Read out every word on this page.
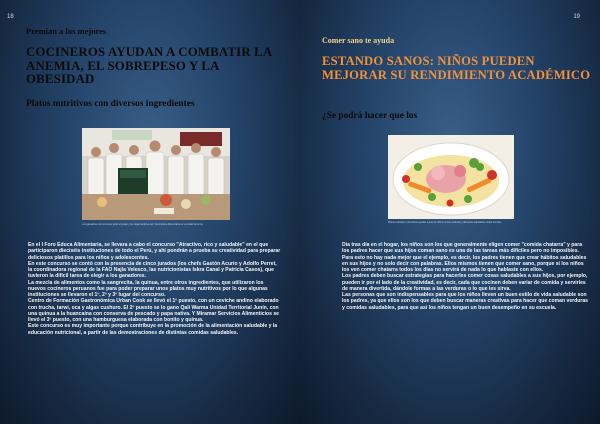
18
Premian a los mejores
COCINEROS AYUDAN A COMBATIR LA ANEMIA, EL SOBREPESO Y LA OBESIDAD
Platos nutritivos con diversos ingredientes
Los ganadores del concurso junto al jurado y los organizadores del I Foro Educa Alimentaria en la ciudad de Lima.

En el I Foro Educa Alimentaria, se llevara a cabo el concurso "Atractivo, rico y saludable" en el que participaron dieciséis instituciones de todo el Perú, y ahí pondrán a prueba su creatividad para preparar deliciosos platillos para los niños y adolescentes.

En este concurso se contó con la presencia de cinco jurados (los chefs Gastón Acurio y Adolfo Perret, la coordinadora regional de la FAO Najla Velesco, las nutricionistas Iskra Canal y Patricia Casos), que tuvieron la difícil tarea de elegir a los ganadores.

La mezcla de alimentos como la sangrecita, la quinua, entre otros ingredientes, que utilizaron los nuevos cocineros peruanos fue para poder preparar unos platos muy nutritivos por lo que algunas instituciones se llevaron el 1º, 2º y 3º lugar del concurso.

Centro de Formación Gastronómica Urban Cook se llevó el 1º puesto, con un ceviche andino elaborado con trucha, tarwi, oca y algas cushuro. El 2º puesto se lo gano Qali Warma Unidad Territorial Junín, con una quinua a la huancaína con conserva de pescado y papa nativa. Y Miramar Servicios Alimenticios se llevó el 3º puesto, con una hamburguesa elaborada con bonito y quinua.

Este concurso es muy importante porque contribuye en la promoción de la alimentación saludable y la educación nutricional, a partir de las demostraciones de distintas comidas saludables.

19
Comer sano te ayuda
ESTANDO SANOS: NIÑOS PUEDEN MEJORAR SU RENDIMIENTO ACADÉMICO
¿Se podrá hacer que los
Platos coloridos y divertidos ayudan a que los niños coman verduras y alimentos saludables todos los días.

Día tras día en el hogar, los niños son los que generalmente eligen comer "comida chatarra" y para los padres hacer que sus hijos coman sano es una de las tareas más difíciles pero no imposibles.

Para esto no hay nada mejor que el ejemplo, es decir, los padres tienen que crear hábitos saludables en sus hijos y no solo decir con palabras. Ellos mismos tienen que comer sano, porque si los niños los ven comer chatarra todos los días no servirá de nada lo que hablaste con ellos.

Los padres deben buscar estrategias para hacerles comer cosas saludables a sus hijos, por ejemplo, pueden ir por el lado de la creatividad, es decir, cada que cocinen deben variar de comida y servirles de manera divertida, dándole formas a las verduras o lo que les sirva.

Las personas que son indispensables para que los niños lleven un buen estilo de vida saludable son los padres, ya que ellos son los que deben buscar maneras creativas para hacer que coman verduras y comidas saludables, para que así los niños tengan un buen desempeño en su escuela.
